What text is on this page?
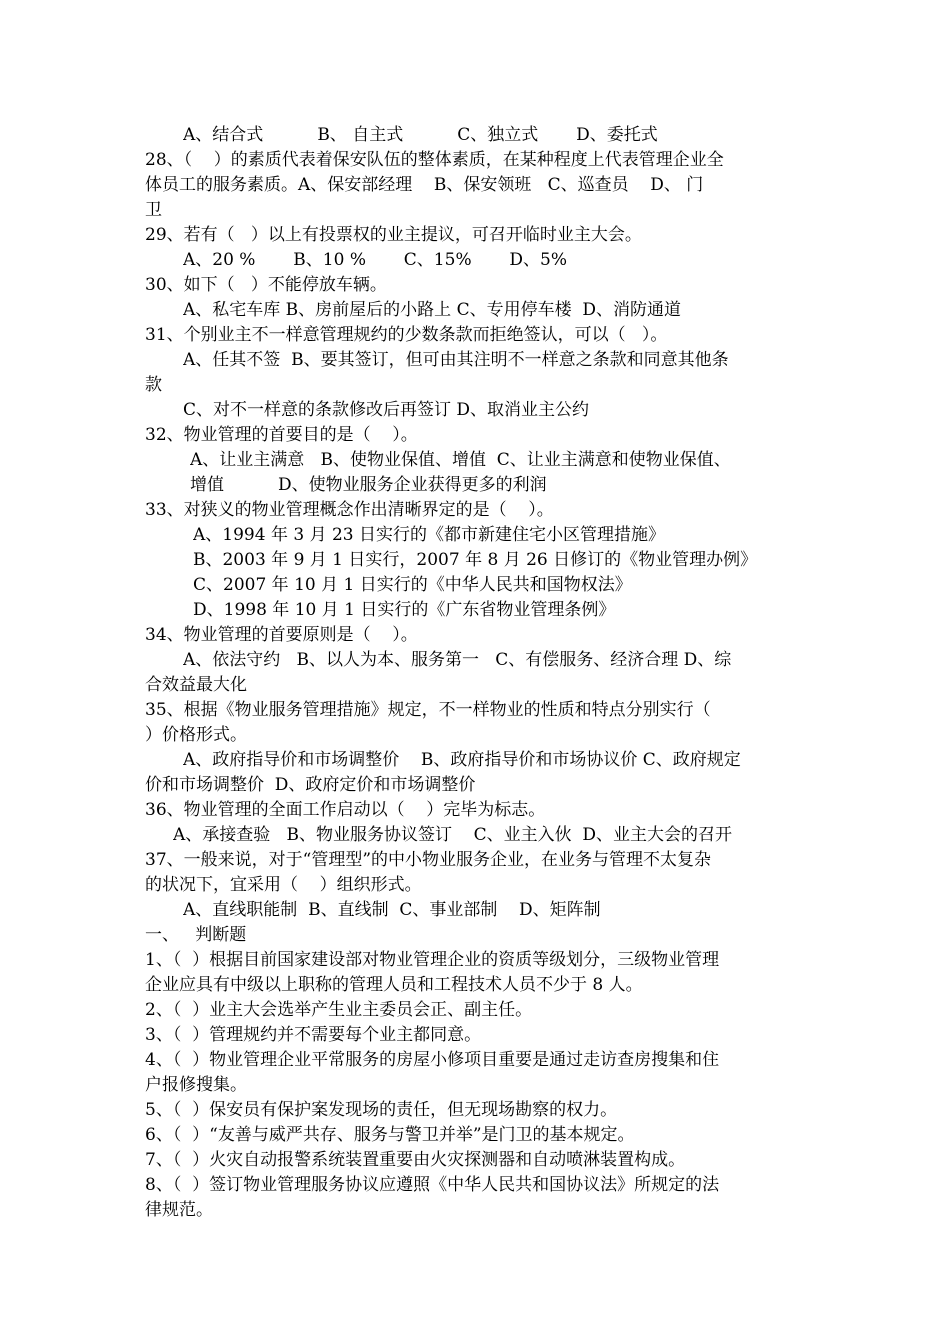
A、结合式          B、 自主式          C、独立式       D、委托式
28、（    ）的素质代表着保安队伍的整体素质，在某种程度上代表管理企业全
体员工的服务素质。A、保安部经理    B、保安领班   C、巡查员    D、 门
卫
29、若有（   ）以上有投票权的业主提议，可召开临时业主大会。
A、20 %       B、10 %       C、15%       D、5%
30、如下（   ）不能停放车辆。
A、私宅车库 B、房前屋后的小路上 C、专用停车楼  D、消防通道
31、个别业主不一样意管理规约的少数条款而拒绝签认，可以（   ）。
A、任其不签  B、要其签订，但可由其注明不一样意之条款和同意其他条
款
C、对不一样意的条款修改后再签订 D、取消业主公约
32、物业管理的首要目的是（    ）。
A、让业主满意   B、使物业保值、增值  C、让业主满意和使物业保值、
增值          D、使物业服务企业获得更多的利润
33、对狭义的物业管理概念作出清晰界定的是（    ）。
A、1994 年 3 月 23 日实行的《都市新建住宅小区管理措施》
B、2003 年 9 月 1 日实行，2007 年 8 月 26 日修订的《物业管理办例》
C、2007 年 10 月 1 日实行的《中华人民共和国物权法》
D、1998 年 10 月 1 日实行的《广东省物业管理条例》
34、物业管理的首要原则是（    ）。
A、依法守约   B、以人为本、服务第一   C、有偿服务、经济合理 D、综
合效益最大化
35、根据《物业服务管理措施》规定，不一样物业的性质和特点分别实行（
）价格形式。
A、政府指导价和市场调整价    B、政府指导价和市场协议价 C、政府规定
价和市场调整价  D、政府定价和市场调整价
36、物业管理的全面工作启动以（    ）完毕为标志。
A、承接查验   B、物业服务协议签订    C、业主入伙  D、业主大会的召开
37、一般来说，对于“管理型”的中小物业服务企业，在业务与管理不太复杂
的状况下，宜采用（    ）组织形式。
A、直线职能制  B、直线制  C、事业部制    D、矩阵制
一、   判断题
1、（  ）根据目前国家建设部对物业管理企业的资质等级划分，三级物业管理
企业应具有中级以上职称的管理人员和工程技术人员不少于 8 人。
2、（  ）业主大会选举产生业主委员会正、副主任。
3、（  ）管理规约并不需要每个业主都同意。
4、（  ）物业管理企业平常服务的房屋小修项目重要是通过走访查房搜集和住
户报修搜集。
5、（  ）保安员有保护案发现场的责任，但无现场勘察的权力。
6、（  ）“友善与威严共存、服务与警卫并举”是门卫的基本规定。
7、（  ）火灾自动报警系统装置重要由火灾探测器和自动喷淋装置构成。
8、（  ）签订物业管理服务协议应遵照《中华人民共和国协议法》所规定的法
律规范。
